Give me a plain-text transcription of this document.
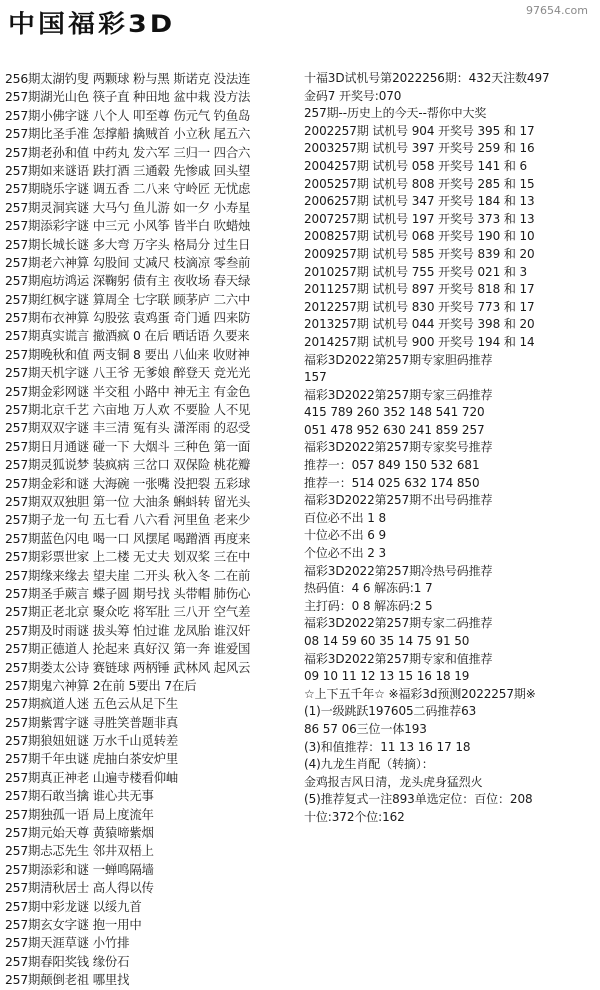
中国福彩3D	97654.com
256期太湖钓叟 两颗球 粉与黑 斯诺克 没法连
257期湖光山色 筷子直 种田地 盆中栽 没方法
257期小佛字谜 八个人 叩至尊 伤元气 钓鱼岛
257期比圣手准 怎撑船 擒贼首 小立秋 尾五六
257期老孙和值 中药丸 发六军 三归一 四合六
257期如来谜语 趺打酒 三通毂 先惨戚 回头望
257期晓乐字谜 调五香 二八来 守岭匠 无忧虑
257期灵洞宾谜 大马勺 鱼儿游 如一夕 小寿星
257期添彩字谜 中三元 小风筝 皆半白 吹蜡烛
257期长城长谜 多大弯 万字头 格局分 过生日
257期老六神算 勾股间 丈减尺 枝滴凉 零叁前
257期庖坊鸿运 深鞠躬 债有主 夜收场 春天绿
257期红枫字谜 算周全 七字联 顾茅庐 二六中
257期布衣神算 勾股弦 袁鸡蛋 奇门遁 四来防
257期真实谎言 撤酒疯 0 在后 晒话语 久要来
257期晚秋和值 两支铜 8 要出 八仙来 收财神
257期天机字谜 八王爷 无爹娘 醉登天 竞光光
257期金彩网谜 半交租 小路中 神无主 有金色
257期北京千艺 六亩地 万人欢 不要脸 人不见
257期双双字谜 丰三清 冤有头 潇浑雨 的忍受
257期日月通谜 碰一下 大烟斗 三种色 第一面
257期灵狐说梦 装疯病 三岔口 双保险 桃花瓣
257期金彩和谜 大海碗 一张嘴 没把裂 五彩球
257期双双独胆 第一位 大油条 蝌蚪转 留光头
257期子龙一句 五七看 八六看 河里鱼 老来少
257期蓝色闪电 喝一口 风摆尾 喝蹭酒 再度来
257期彩票世家 上二楼 无丈夫 划双桨 三在中
257期缘来缘去 望夫崖 二开头 秋入冬 二在前
257期圣手蕨言 蝶子圆 期号找 头带帽 肺伤心
257期正老北京 聚众吃 将军肚 三八开 空气差
257期及时雨谜 拔头筹 怕过谁 龙凤胎 谁汉奸
257期正德道人 抡起来 真好汉 第一奔 谁爱国
257期娄太公诗 赛链球 两柄锤 武林风 起风云
257期鬼六神算 2在前 5要出 7在后
257期疯道人迷 五色云从足下生
257期紫霄字谜 寻胜笑普题非真
257期狼妞妞谜 万水千山觅转差
257期千年虫谜 虎抽白茶安炉里
257期真正神老 山遍寺楼看仰岫
257期石敢当擒 谁心共无事
257期独孤一语 局上度流年
257期元始天尊 黄猿啼紫烟
257期忐忑先生 邻井双梧上
257期添彩和谜 一蝉鸣隔墙
257期清秋居士 高人得以传
257期中彩龙谜 以绥九首
257期玄女字谜 抱一用中
257期天涯草谜 小竹排
257期春阳奖钱 缘份石
257期颠倒老祖 哪里找
十福3D试机号第2022256期：432天注数497
金码7 开奖号:070
257期--历史上的今天--帮你中大奖
2002257期 试机号 904 开奖号 395 和 17
2003257期 试机号 397 开奖号 259 和 16
2004257期 试机号 058 开奖号 141 和 6
2005257期 试机号 808 开奖号 285 和 15
2006257期 试机号 347 开奖号 184 和 13
2007257期 试机号 197 开奖号 373 和 13
2008257期 试机号 068 开奖号 190 和 10
2009257期 试机号 585 开奖号 839 和 20
2010257期 试机号 755 开奖号 021 和 3
2011257期 试机号 897 开奖号 818 和 17
2012257期 试机号 830 开奖号 773 和 17
2013257期 试机号 044 开奖号 398 和 20
2014257期 试机号 900 开奖号 194 和 14
福彩3D2022第257期专家胆码推荐
157
福彩3D2022第257期专家三码推荐
415 789 260 352 148 541 720
051 478 952 630 241 859 257
福彩3D2022第257期专家奖号推荐
推荐一：057 849 150 532 681
推荐一：514 025 632 174 850
福彩3D2022第257期不出号码推荐
百位必不出 1 8
十位必不出 6 9
个位必不出 2 3
福彩3D2022第257期冷热号码推荐
热码值：4 6 解冻码:1 7
主打码：0 8 解冻码:2 5
福彩3D2022第257期专家二码推荐
08 14 59 60 35 14 75 91 50
福彩3D2022第257期专家和值推荐
09 10 11 12 13 15 16 18 19
☆上下五千年☆ ※福彩3d预测2022257期※
(1)一级跳跃197605二码推荐63
86 57 06三位一体193
(3)和值推荐：11 13 16 17 18
(4)九龙生肖配（转摘）：
金鸡报吉风日清，龙头虎身猛烈火
(5)推荐复式一注893单选定位：百位：208
十位:372个位:162
